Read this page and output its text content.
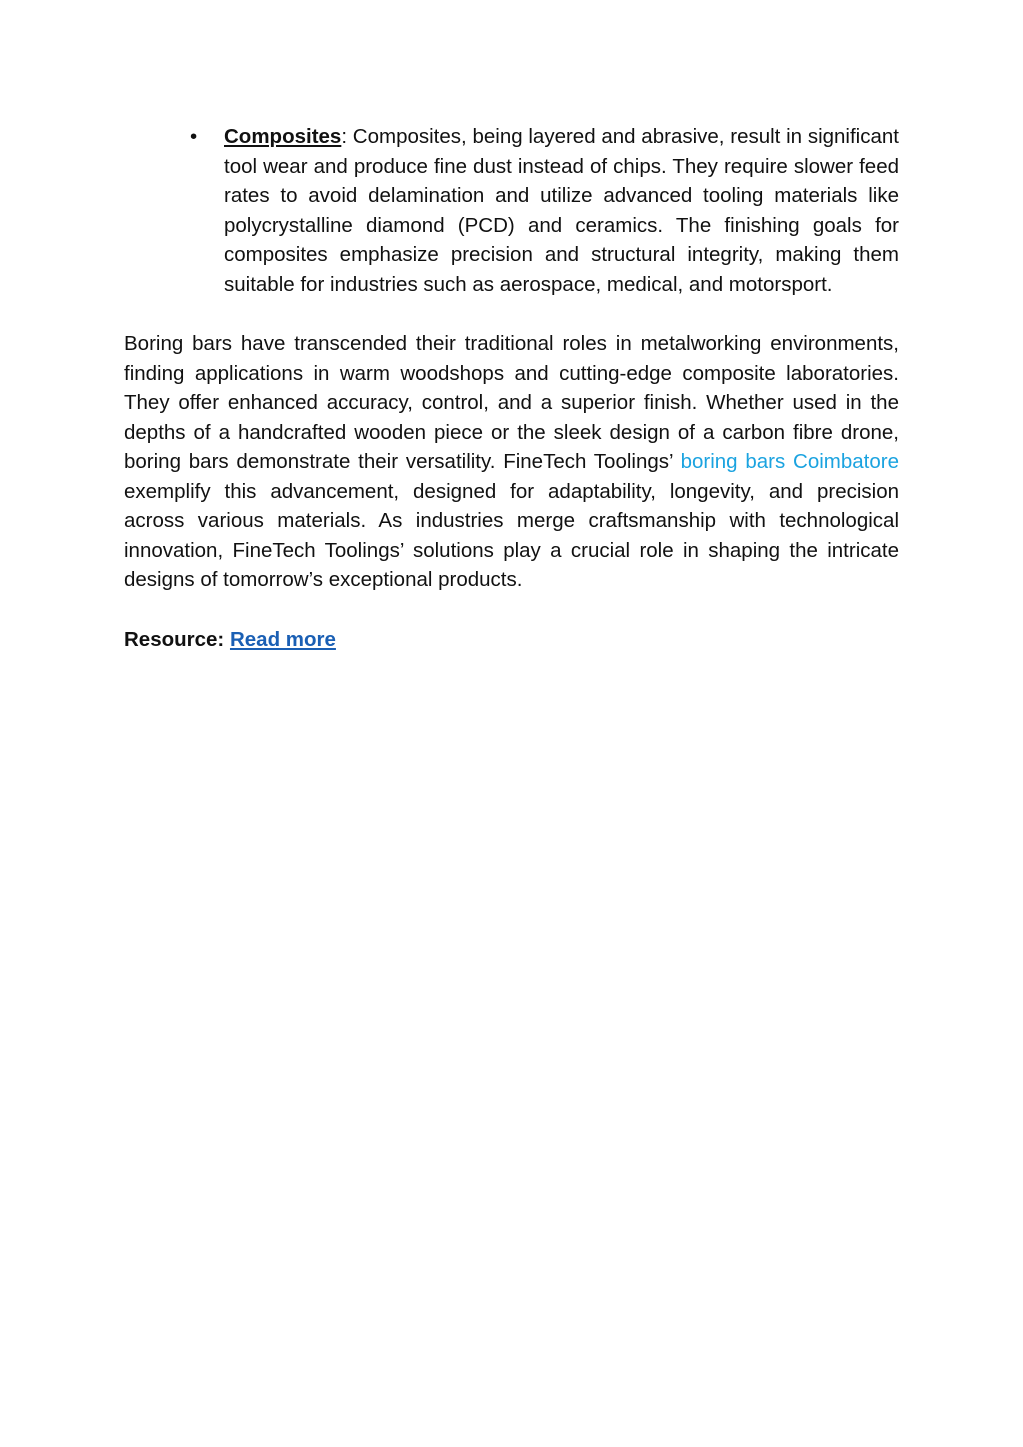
• Composites: Composites, being layered and abrasive, result in significant tool wear and produce fine dust instead of chips. They require slower feed rates to avoid delamination and utilize advanced tooling materials like polycrystalline diamond (PCD) and ceramics. The finishing goals for composites emphasize precision and structural integrity, making them suitable for industries such as aerospace, medical, and motorsport.

Boring bars have transcended their traditional roles in metalworking environments, finding applications in warm woodshops and cutting-edge composite laboratories. They offer enhanced accuracy, control, and a superior finish. Whether used in the depths of a handcrafted wooden piece or the sleek design of a carbon fibre drone, boring bars demonstrate their versatility. FineTech Toolings’ boring bars Coimbatore exemplify this advancement, designed for adaptability, longevity, and precision across various materials. As industries merge craftsmanship with technological innovation, FineTech Toolings’ solutions play a crucial role in shaping the intricate designs of tomorrow’s exceptional products.

Resource: Read more
